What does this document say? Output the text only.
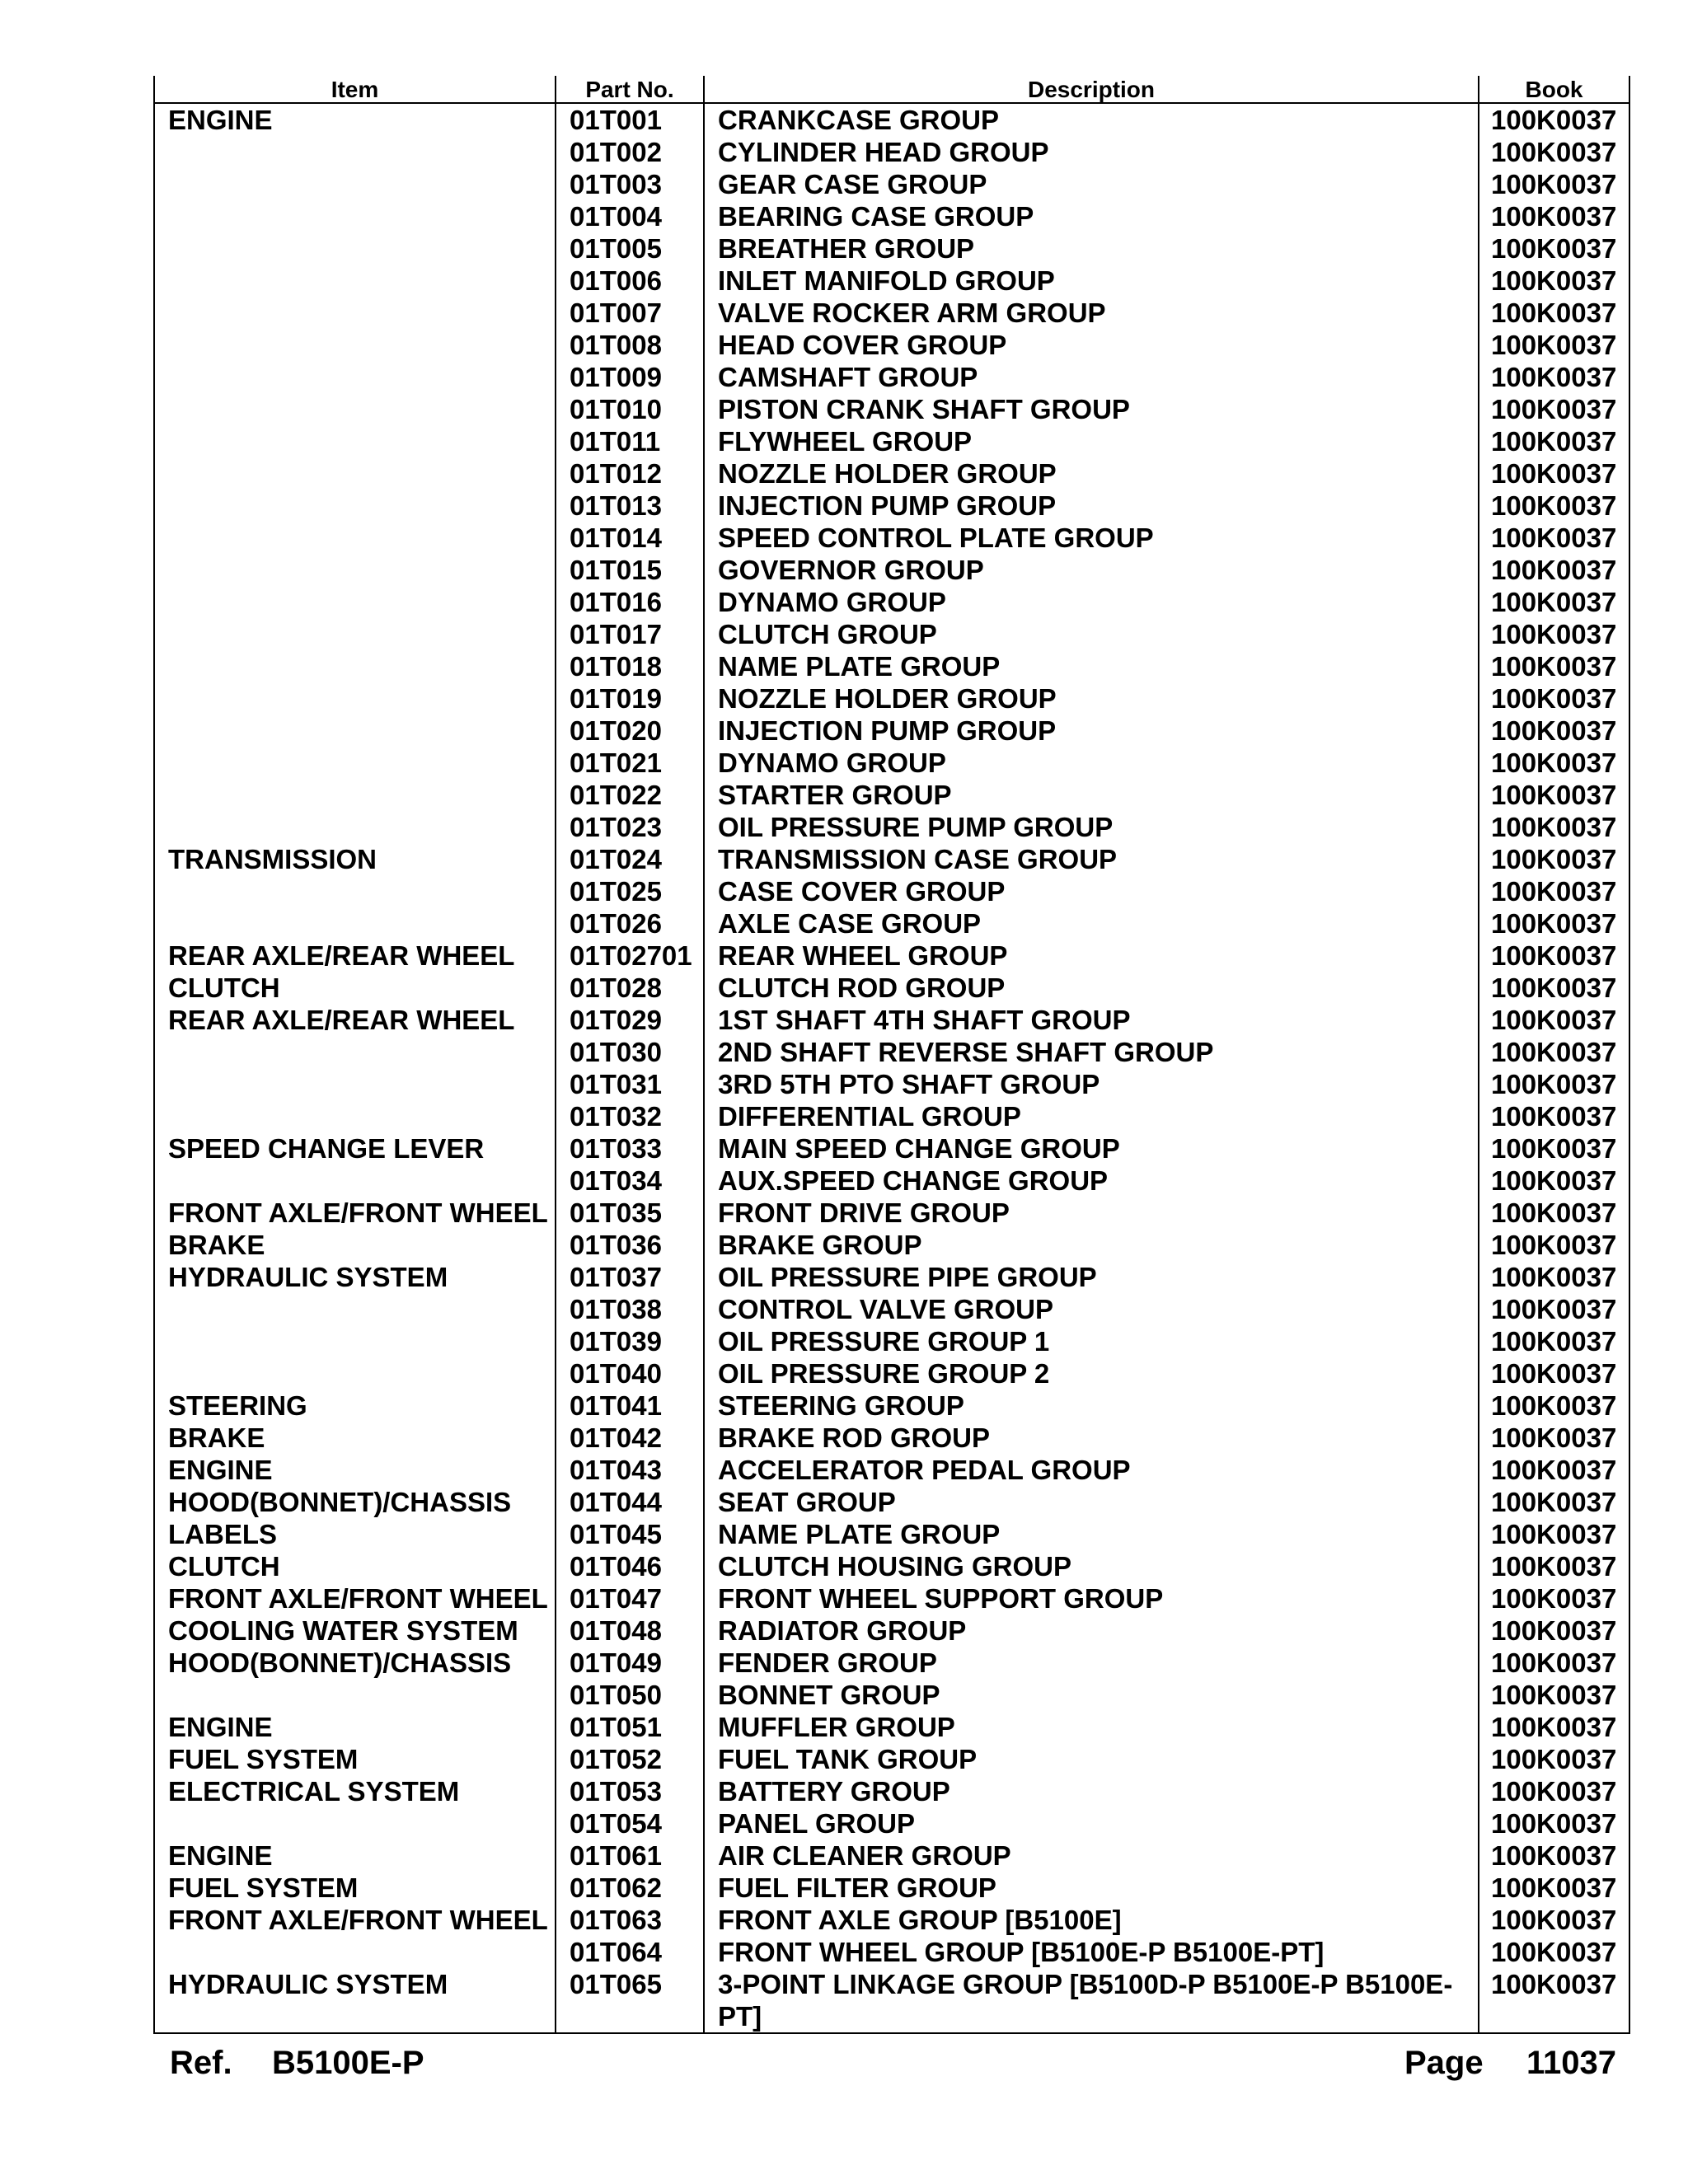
Item	Part No.	Description	Book
ENGINE	01T001	CRANKCASE GROUP	100K0037
	01T002	CYLINDER HEAD GROUP	100K0037
	01T003	GEAR CASE GROUP	100K0037
	01T004	BEARING CASE GROUP	100K0037
	01T005	BREATHER GROUP	100K0037
	01T006	INLET MANIFOLD GROUP	100K0037
	01T007	VALVE ROCKER ARM GROUP	100K0037
	01T008	HEAD COVER GROUP	100K0037
	01T009	CAMSHAFT GROUP	100K0037
	01T010	PISTON CRANK SHAFT GROUP	100K0037
	01T011	FLYWHEEL GROUP	100K0037
	01T012	NOZZLE HOLDER GROUP	100K0037
	01T013	INJECTION PUMP GROUP	100K0037
	01T014	SPEED CONTROL PLATE GROUP	100K0037
	01T015	GOVERNOR GROUP	100K0037
	01T016	DYNAMO GROUP	100K0037
	01T017	CLUTCH GROUP	100K0037
	01T018	NAME PLATE GROUP	100K0037
	01T019	NOZZLE HOLDER GROUP	100K0037
	01T020	INJECTION PUMP GROUP	100K0037
	01T021	DYNAMO GROUP	100K0037
	01T022	STARTER GROUP	100K0037
	01T023	OIL PRESSURE PUMP GROUP	100K0037
TRANSMISSION	01T024	TRANSMISSION CASE GROUP	100K0037
	01T025	CASE COVER GROUP	100K0037
	01T026	AXLE CASE GROUP	100K0037
REAR AXLE/REAR WHEEL	01T02701	REAR WHEEL GROUP	100K0037
CLUTCH	01T028	CLUTCH ROD GROUP	100K0037
REAR AXLE/REAR WHEEL	01T029	1ST SHAFT 4TH SHAFT GROUP	100K0037
	01T030	2ND SHAFT REVERSE SHAFT GROUP	100K0037
	01T031	3RD 5TH PTO SHAFT GROUP	100K0037
	01T032	DIFFERENTIAL GROUP	100K0037
SPEED CHANGE LEVER	01T033	MAIN SPEED CHANGE GROUP	100K0037
	01T034	AUX.SPEED CHANGE GROUP	100K0037
FRONT AXLE/FRONT WHEEL	01T035	FRONT DRIVE GROUP	100K0037
BRAKE	01T036	BRAKE GROUP	100K0037
HYDRAULIC SYSTEM	01T037	OIL PRESSURE PIPE GROUP	100K0037
	01T038	CONTROL VALVE GROUP	100K0037
	01T039	OIL PRESSURE GROUP 1	100K0037
	01T040	OIL PRESSURE GROUP 2	100K0037
STEERING	01T041	STEERING GROUP	100K0037
BRAKE	01T042	BRAKE ROD GROUP	100K0037
ENGINE	01T043	ACCELERATOR PEDAL GROUP	100K0037
HOOD(BONNET)/CHASSIS	01T044	SEAT GROUP	100K0037
LABELS	01T045	NAME PLATE GROUP	100K0037
CLUTCH	01T046	CLUTCH HOUSING GROUP	100K0037
FRONT AXLE/FRONT WHEEL	01T047	FRONT WHEEL SUPPORT GROUP	100K0037
COOLING WATER SYSTEM	01T048	RADIATOR GROUP	100K0037
HOOD(BONNET)/CHASSIS	01T049	FENDER GROUP	100K0037
	01T050	BONNET GROUP	100K0037
ENGINE	01T051	MUFFLER GROUP	100K0037
FUEL SYSTEM	01T052	FUEL TANK GROUP	100K0037
ELECTRICAL SYSTEM	01T053	BATTERY GROUP	100K0037
	01T054	PANEL GROUP	100K0037
ENGINE	01T061	AIR CLEANER GROUP	100K0037
FUEL SYSTEM	01T062	FUEL FILTER GROUP	100K0037
FRONT AXLE/FRONT WHEEL	01T063	FRONT AXLE GROUP [B5100E]	100K0037
	01T064	FRONT WHEEL GROUP [B5100E-P B5100E-PT]	100K0037
HYDRAULIC SYSTEM	01T065	3-POINT LINKAGE GROUP [B5100D-P B5100E-P B5100E-PT]	100K0037
Ref. B5100E-P	Page 11037
